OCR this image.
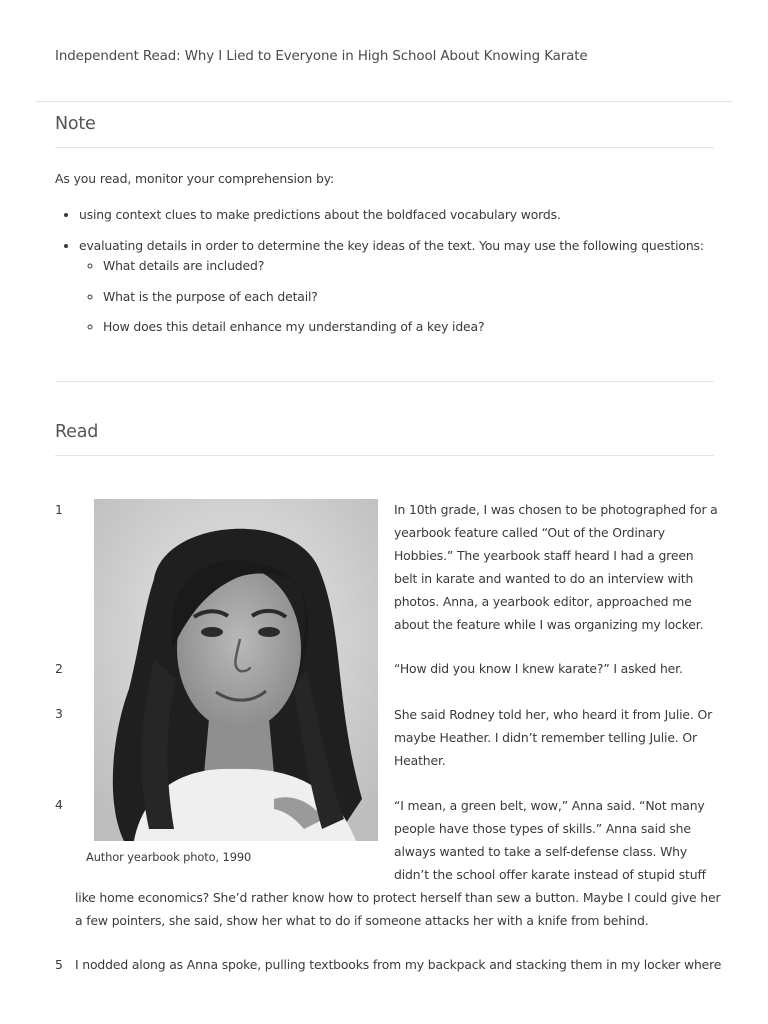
Independent Read: Why I Lied to Everyone in High School About Knowing Karate
Note
As you read, monitor your comprehension by:
• using context clues to make predictions about the boldfaced vocabulary words.
• evaluating details in order to determine the key ideas of the text. You may use the following questions:
◦ What details are included?
◦ What is the purpose of each detail?
◦ How does this detail enhance my understanding of a key idea?
Read
Author yearbook photo, 1990
1
2
3
4
5
In 10th grade, I was chosen to be photographed for a
yearbook feature called “Out of the Ordinary
Hobbies.” The yearbook staff heard I had a green
belt in karate and wanted to do an interview with
photos. Anna, a yearbook editor, approached me
about the feature while I was organizing my locker.
“How did you know I knew karate?” I asked her.
She said Rodney told her, who heard it from Julie. Or
maybe Heather. I didn’t remember telling Julie. Or
Heather.
“I mean, a green belt, wow,” Anna said. “Not many
people have those types of skills.” Anna said she
always wanted to take a self-defense class. Why
didn’t the school offer karate instead of stupid stuff
like home economics? She’d rather know how to protect herself than sew a button. Maybe I could give her
a few pointers, she said, show her what to do if someone attacks her with a knife from behind.
I nodded along as Anna spoke, pulling textbooks from my backpack and stacking them in my locker where
